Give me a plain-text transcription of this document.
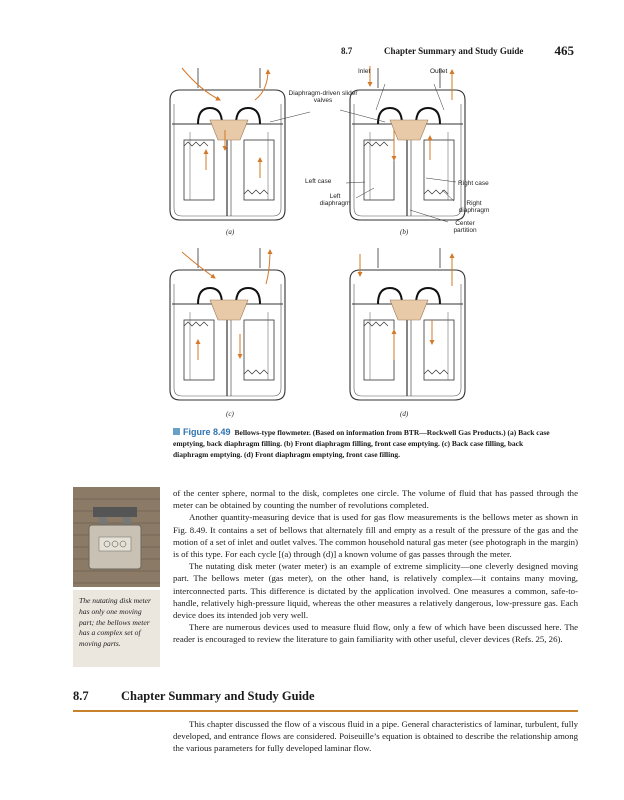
8.7	Chapter Summary and Study Guide 465
Inlet	Outlet
Diaphragm-driven slider valves
Left case
Left diaphragm
Right case
Right diaphragm
Center partition
(a)	(b)
(c)	(d)
Figure 8.49 Bellows-type flowmeter. (Based on information from BTR—Rockwell Gas Products.) (a) Back case emptying, back diaphragm filling. (b) Front diaphragm filling, front case emptying. (c) Back case filling, back diaphragm emptying. (d) Front diaphragm emptying, front case filling.

of the center sphere, normal to the disk, completes one circle. The volume of fluid that has passed through the meter can be obtained by counting the number of revolutions completed.

Another quantity-measuring device that is used for gas flow measurements is the bellows meter as shown in Fig. 8.49. It contains a set of bellows that alternately fill and empty as a result of the pressure of the gas and the motion of a set of inlet and outlet valves. The common household natural gas meter (see photograph in the margin) is of this type. For each cycle [(a) through (d)] a known volume of gas passes through the meter.

The nutating disk meter (water meter) is an example of extreme simplicity—one cleverly designed moving part. The bellows meter (gas meter), on the other hand, is relatively complex—it contains many moving, interconnected parts. This difference is dictated by the application involved. One measures a common, safe-to-handle, relatively high-pressure liquid, whereas the other measures a relatively dangerous, low-pressure gas. Each device does its intended job very well.

There are numerous devices used to measure fluid flow, only a few of which have been discussed here. The reader is encouraged to review the literature to gain familiarity with other useful, clever devices (Refs. 25, 26).

The nutating disk meter has only one moving part; the bellows meter has a complex set of moving parts.
8.7	Chapter Summary and Study Guide

This chapter discussed the flow of a viscous fluid in a pipe. General characteristics of laminar, turbulent, fully developed, and entrance flows are considered. Poiseuille’s equation is obtained to describe the relationship among the various parameters for fully developed laminar flow.
